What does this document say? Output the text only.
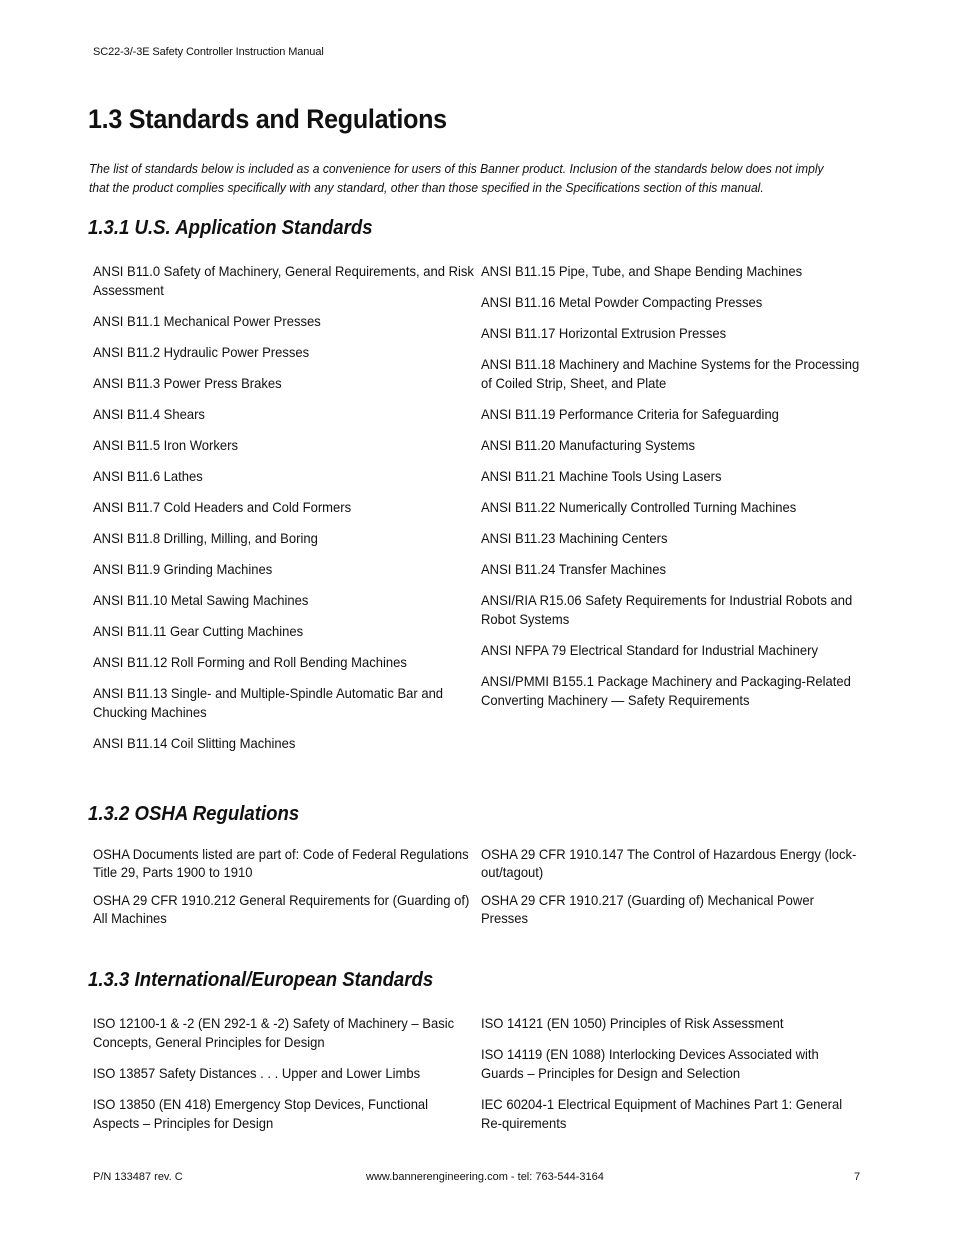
SC22-3/-3E Safety Controller Instruction Manual
1.3 Standards and Regulations

The list of standards below is included as a convenience for users of this Banner product. Inclusion of the standards below does not imply that the product complies specifically with any standard, other than those specified in the Specifications section of this manual.

1.3.1 U.S. Application Standards
ANSI B11.0 Safety of Machinery, General Requirements, and Risk Assessment
ANSI B11.1 Mechanical Power Presses
ANSI B11.2 Hydraulic Power Presses
ANSI B11.3 Power Press Brakes
ANSI B11.4 Shears
ANSI B11.5 Iron Workers
ANSI B11.6 Lathes
ANSI B11.7 Cold Headers and Cold Formers
ANSI B11.8 Drilling, Milling, and Boring
ANSI B11.9 Grinding Machines
ANSI B11.10 Metal Sawing Machines
ANSI B11.11 Gear Cutting Machines
ANSI B11.12 Roll Forming and Roll Bending Machines
ANSI B11.13 Single- and Multiple-Spindle Automatic Bar and Chucking Machines
ANSI B11.14 Coil Slitting Machines
ANSI B11.15 Pipe, Tube, and Shape Bending Machines
ANSI B11.16 Metal Powder Compacting Presses
ANSI B11.17 Horizontal Extrusion Presses
ANSI B11.18 Machinery and Machine Systems for the Processing of Coiled Strip, Sheet, and Plate
ANSI B11.19 Performance Criteria for Safeguarding
ANSI B11.20 Manufacturing Systems
ANSI B11.21 Machine Tools Using Lasers
ANSI B11.22 Numerically Controlled Turning Machines
ANSI B11.23 Machining Centers
ANSI B11.24 Transfer Machines
ANSI/RIA R15.06 Safety Requirements for Industrial Robots and Robot Systems
ANSI NFPA 79 Electrical Standard for Industrial Machinery
ANSI/PMMI B155.1 Package Machinery and Packaging-Related Converting Machinery — Safety Requirements
1.3.2 OSHA Regulations
OSHA Documents listed are part of: Code of Federal Regulations Title 29, Parts 1900 to 1910
OSHA 29 CFR 1910.212 General Requirements for (Guarding of) All Machines
OSHA 29 CFR 1910.147 The Control of Hazardous Energy (lock-out/tagout)
OSHA 29 CFR 1910.217 (Guarding of) Mechanical Power Presses
1.3.3 International/European Standards
ISO 12100-1 & -2 (EN 292-1 & -2) Safety of Machinery – Basic Concepts, General Principles for Design
ISO 13857 Safety Distances . . . Upper and Lower Limbs
ISO 13850 (EN 418) Emergency Stop Devices, Functional Aspects – Principles for Design
ISO 14121 (EN 1050) Principles of Risk Assessment
ISO 14119 (EN 1088) Interlocking Devices Associated with Guards – Principles for Design and Selection
IEC 60204-1 Electrical Equipment of Machines Part 1: General Re-quirements
P/N 133487 rev. C	www.bannerengineering.com - tel: 763-544-3164	7
